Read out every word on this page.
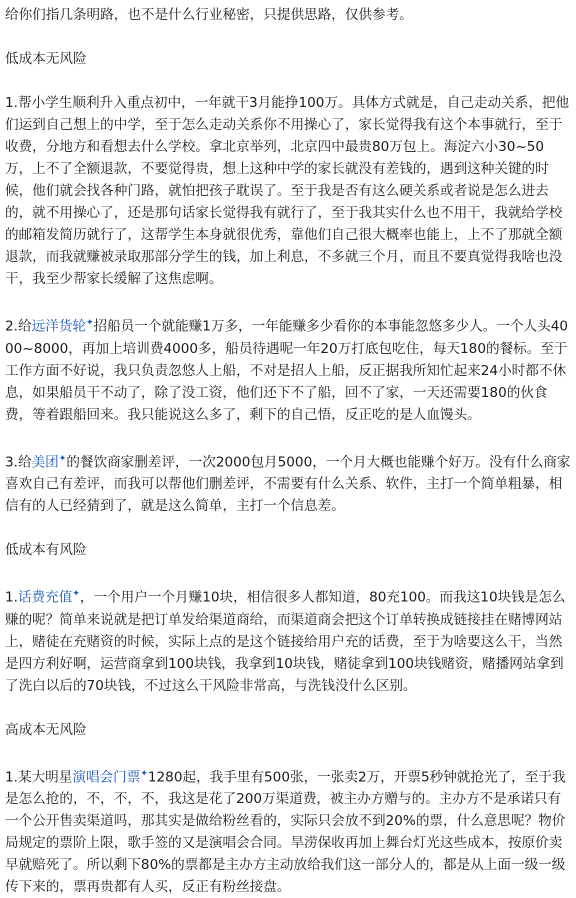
给你们指几条明路，也不是什么行业秘密，只提供思路，仅供参考。

低成本无风险

1.帮小学生顺利升入重点初中，一年就干3月能挣100万。具体方式就是，自己走动关系，把他们运到自己想上的中学，至于怎么走动关系你不用操心了，家长觉得我有这个本事就行，至于收费，分地方和看想去什么学校。拿北京举列，北京四中最贵80万包上。海淀六小30~50万，上不了全额退款，不要觉得贵，想上这种中学的家长就没有差钱的，遇到这种关键的时候，他们就会找各种门路，就怕把孩子耽误了。至于我是否有这么硬关系或者说是怎么进去的，就不用操心了，还是那句话家长觉得我有就行了，至于我其实什么也不用干，我就给学校的邮箱发简历就行了，这帮学生本身就很优秀，靠他们自己很大概率也能上，上不了那就全额退款，而我就赚被录取那部分学生的钱，加上利息，不多就三个月，而且不要真觉得我啥也没干，我至少帮家长缓解了这焦虑啊。

2.给远洋货轮✦招船员一个就能赚1万多，一年能赚多少看你的本事能忽悠多少人。一个人头4000~8000，再加上培训费4000多，船员待遇呢一年20万打底包吃住，每天180的餐标。至于工作方面不好说，我只负责忽悠人上船，不对是招人上船，反正据我所知忙起来24小时都不休息，如果船员干不动了，除了没工资，他们还下不了船，回不了家，一天还需要180的伙食费，等着跟船回来。我只能说这么多了，剩下的自己悟，反正吃的是人血馒头。

3.给美团✦的餐饮商家删差评，一次2000包月5000，一个月大概也能赚个好万。没有什么商家喜欢自己有差评，而我可以帮他们删差评，不需要有什么关系、软件，主打一个简单粗暴，相信有的人已经猜到了，就是这么简单，主打一个信息差。

低成本有风险

1.话费充值✦，一个用户一个月赚10块，相信很多人都知道，80充100。而我这10块钱是怎么赚的呢？简单来说就是把订单发给渠道商给，而渠道商会把这个订单转换成链接挂在赌博网站上，赌徒在充赌资的时候，实际上点的是这个链接给用户充的话费，至于为啥要这么干，当然是四方利好啊，运营商拿到100块钱，我拿到10块钱，赌徒拿到100块钱赌资，赌播网站拿到了洗白以后的70块钱，不过这么干风险非常高，与洗钱没什么区别。

高成本无风险

1.某大明星演唱会门票✦1280起，我手里有500张，一张卖2万，开票5秒钟就抢光了，至于我是怎么抢的，不，不，不，我这是花了200万渠道费，被主办方赠与的。主办方不是承诺只有一个公开售卖渠道吗，那其实是做给粉丝看的，实际只会放不到20%的票，什么意思呢？物价局规定的票阶上限，歌手签的又是演唱会合同。旱涝保收再加上舞台灯光这些成本，按原价卖早就赔死了。所以剩下80%的票都是主办方主动放给我们这一部分人的，都是从上面一级一级传下来的，票再贵都有人买，反正有粉丝接盘。
